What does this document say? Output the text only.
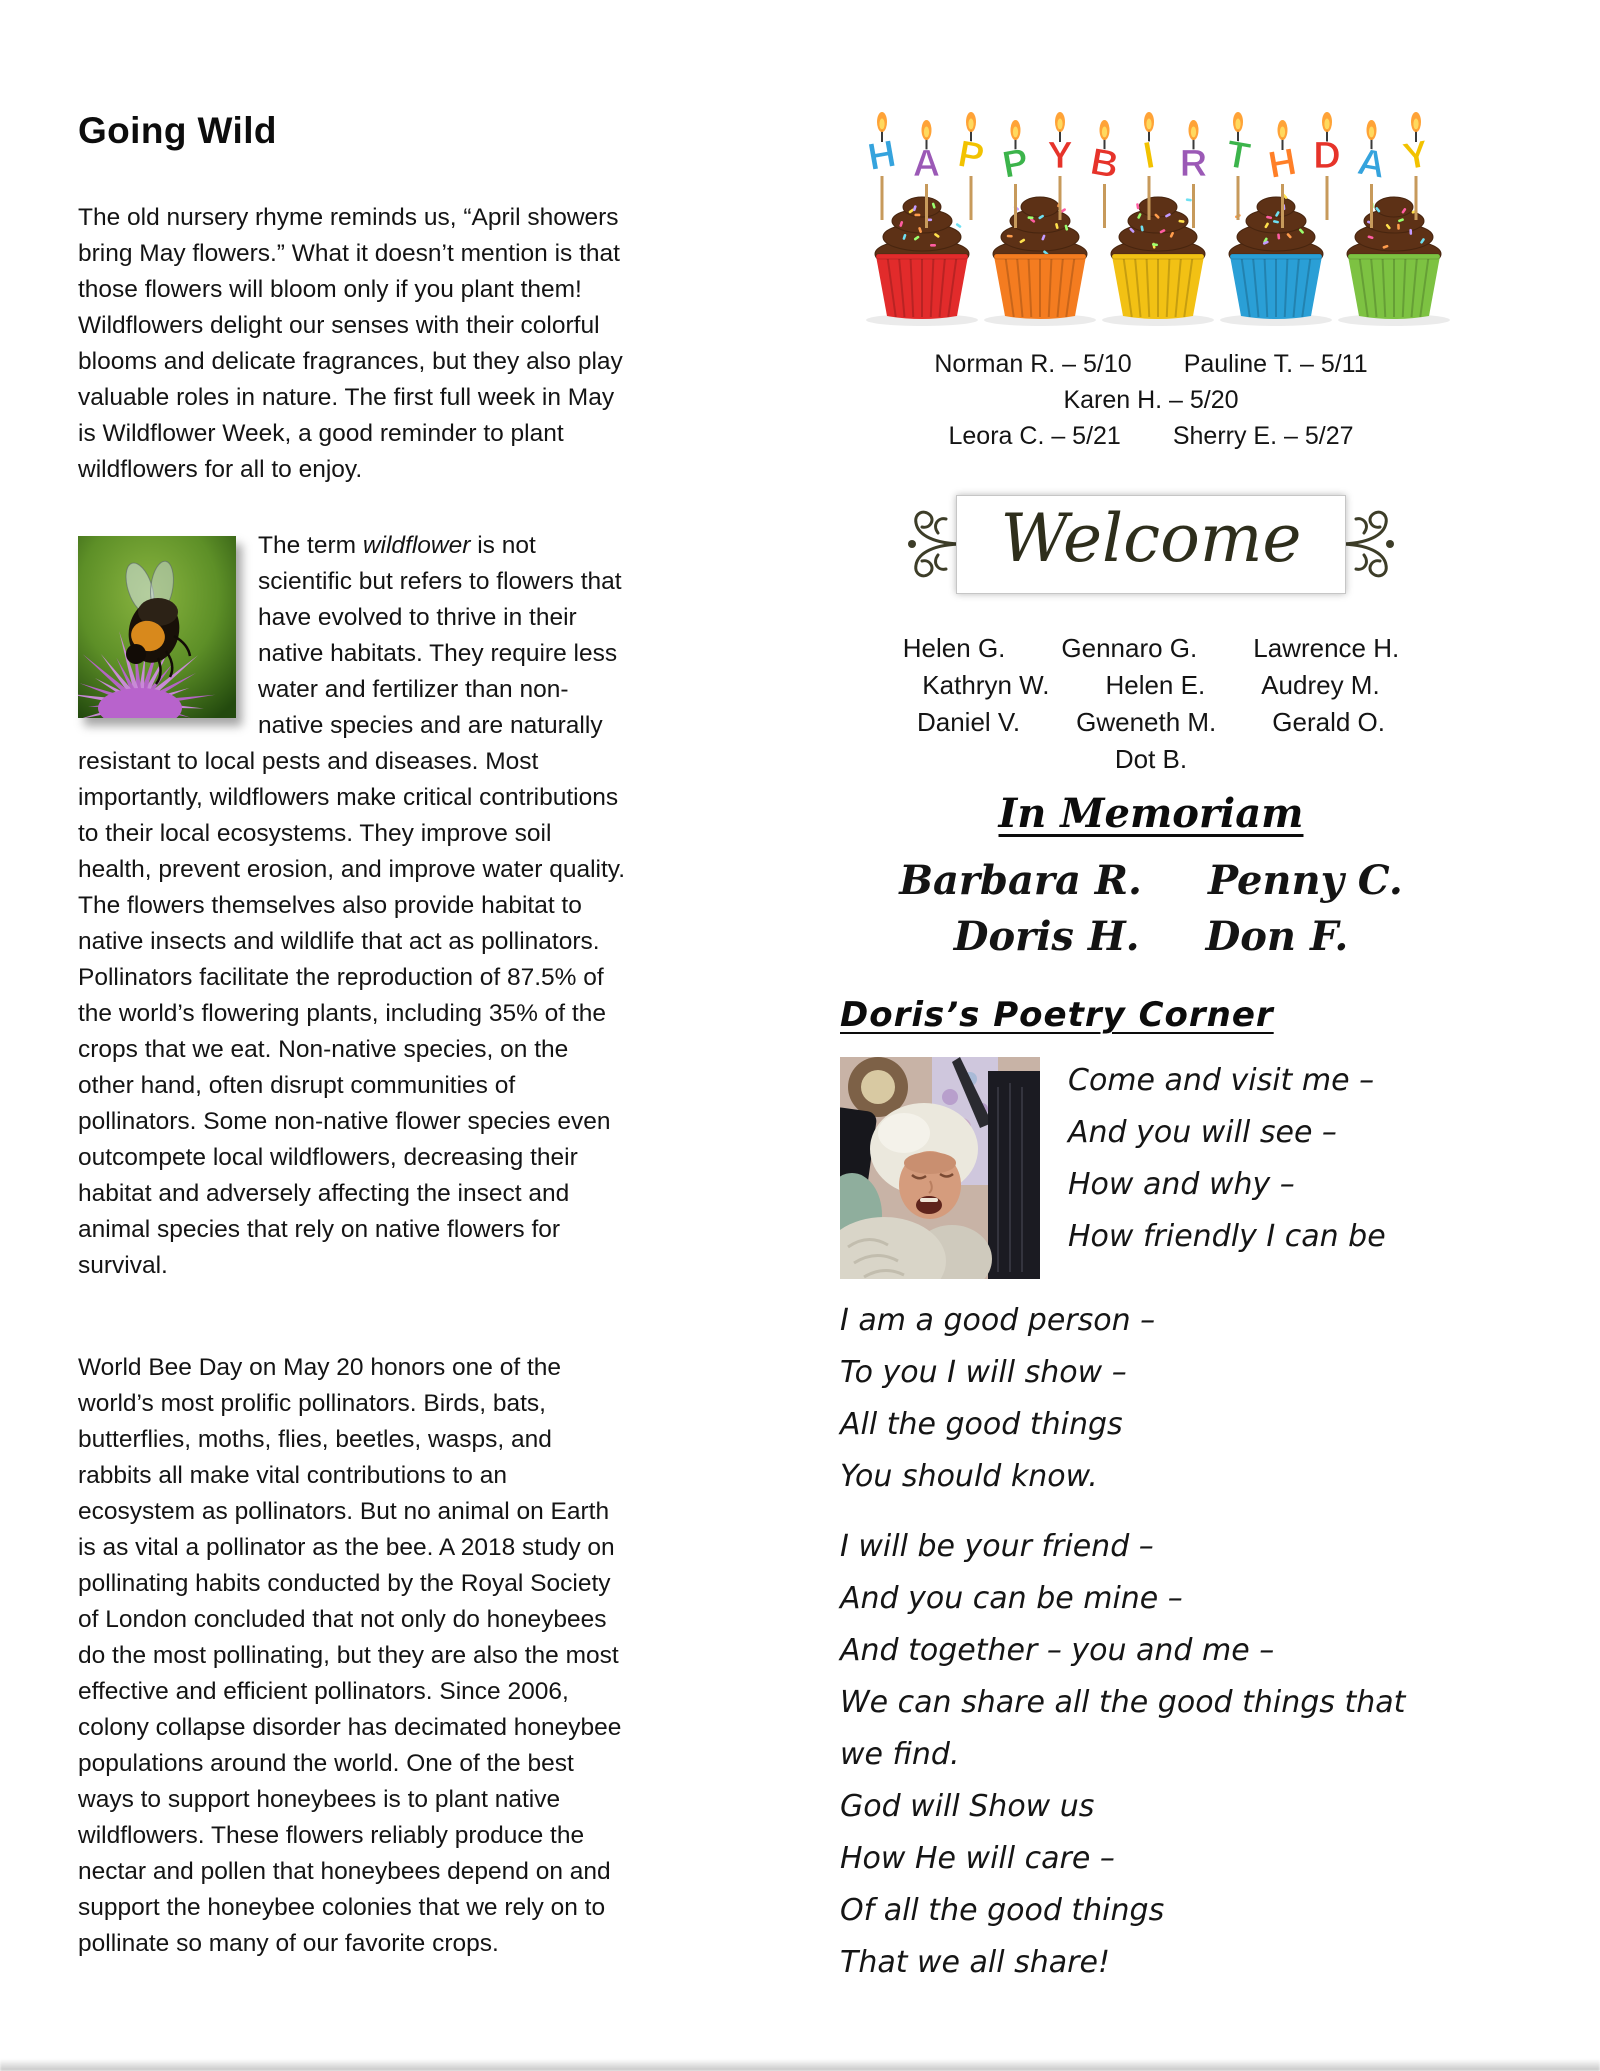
Going Wild

The old nursery rhyme reminds us, “April showers bring May flowers.” What it doesn’t mention is that those flowers will bloom only if you plant them! Wildflowers delight our senses with their colorful blooms and delicate fragrances, but they also play valuable roles in nature. The first full week in May is Wildflower Week, a good reminder to plant wildflowers for all to enjoy.

The term wildflower is not scientific but refers to flowers that have evolved to thrive in their native habitats. They require less water and fertilizer than non-native species and are naturally resistant to local pests and diseases. Most importantly, wildflowers make critical contributions to their local ecosystems. They improve soil health, prevent erosion, and improve water quality. The flowers themselves also provide habitat to native insects and wildlife that act as pollinators. Pollinators facilitate the reproduction of 87.5% of the world’s flowering plants, including 35% of the crops that we eat. Non-native species, on the other hand, often disrupt communities of pollinators. Some non-native flower species even outcompete local wildflowers, decreasing their habitat and adversely affecting the insect and animal species that rely on native flowers for survival.

World Bee Day on May 20 honors one of the world’s most prolific pollinators. Birds, bats, butterflies, moths, flies, beetles, wasps, and rabbits all make vital contributions to an ecosystem as pollinators. But no animal on Earth is as vital a pollinator as the bee. A 2018 study on pollinating habits conducted by the Royal Society of London concluded that not only do honeybees do the most pollinating, but they are also the most effective and efficient pollinators. Since 2006, colony collapse disorder has decimated honeybee populations around the world. One of the best ways to support honeybees is to plant native wildflowers. These flowers reliably produce the nectar and pollen that honeybees depend on and support the honeybee colonies that we rely on to pollinate so many of our favorite crops.

H A P P Y B I R T H D A Y
Norman R. – 5/10 Pauline T. – 5/11
Karen H. – 5/20
Leora C. – 5/21 Sherry E. – 5/27
Welcome
Helen G. Gennaro G. Lawrence H.
Kathryn W. Helen E. Audrey M.
Daniel V. Gweneth M. Gerald O.
Dot B.
In Memoriam
Barbara R. Penny C.
Doris H. Don F.
Doris’s Poetry Corner
Come and visit me –
And you will see –
How and why –
How friendly I can be
I am a good person –
To you I will show –
All the good things
You should know.
I will be your friend –
And you can be mine –
And together – you and me –
We can share all the good things that
we find.
God will Show us
How He will care –
Of all the good things
That we all share!
